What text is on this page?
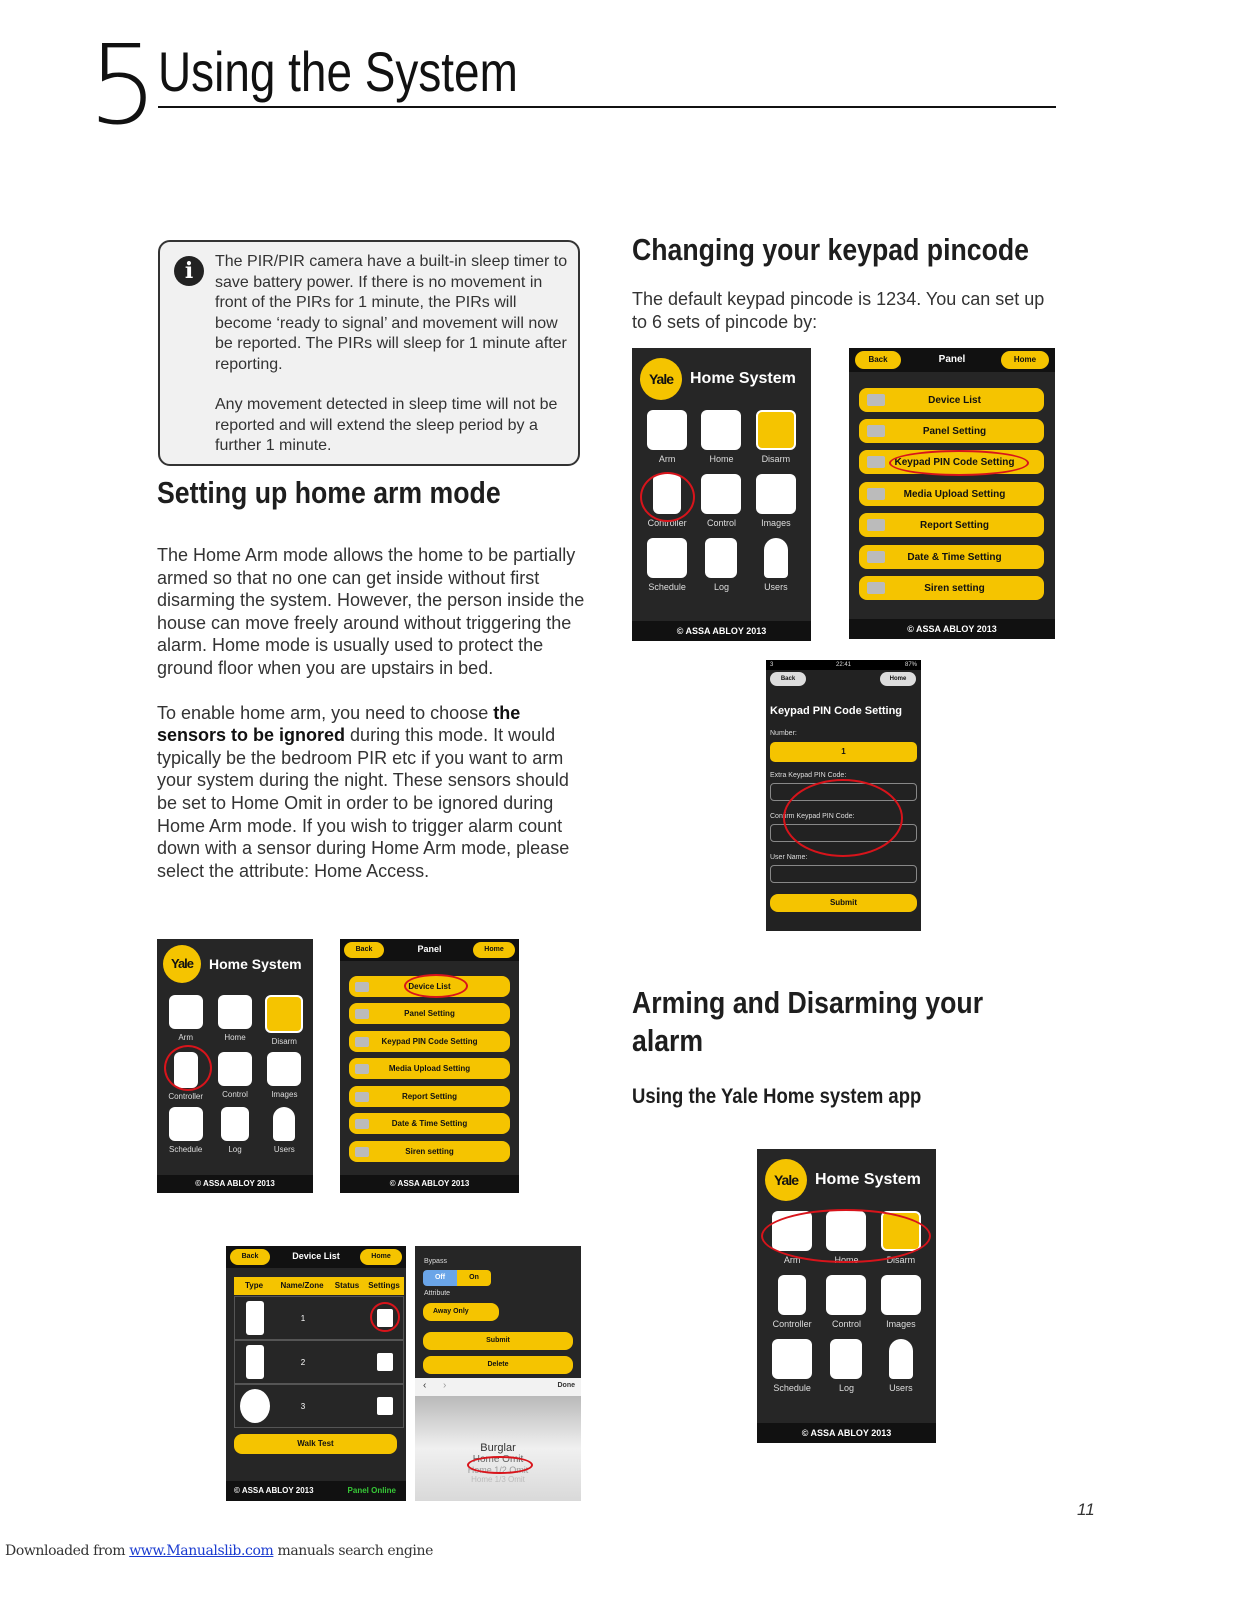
5 Using the System
i	The PIR/PIR camera have a built-in sleep timer to save battery power. If there is no movement in front of the PIRs for 1 minute, the PIRs will become ‘ready to signal’ and movement will now be reported. The PIRs will sleep for 1 minute after reporting.

Any movement detected in sleep time will not be reported and will extend the sleep period by a further 1 minute.

Setting up home arm mode

The Home Arm mode allows the home to be partially armed so that no one can get inside without first disarming the system. However, the person inside the house can move freely around without triggering the alarm. Home mode is usually used to protect the ground floor when you are upstairs in bed.

To enable home arm, you need to choose the sensors to be ignored during this mode. It would typically be the bedroom PIR etc if you want to arm your system during the night. These sensors should be set to Home Omit in order to be ignored during Home Arm mode. If you wish to trigger alarm count down with a sensor during Home Arm mode, please select the attribute: Home Access.

Changing your keypad pincode
The default keypad pincode is 1234. You can set up to 6 sets of pincode by:
Arming and Disarming your
alarm
Using the Yale Home system app
Yale	Home System
Arm	Home	Disarm
Controller Control	Images
Schedule	Log	Users
© ASSA ABLOY 2013
Back	Panel	Home
Device List
Panel Setting
Keypad PIN Code Setting
Media Upload Setting
Report Setting
Date & Time Setting
Siren setting
© ASSA ABLOY 2013
3	22:41	87%
Back	Home
Keypad PIN Code Setting
Number:
1
Extra Keypad PIN Code:
Confirm Keypad PIN Code:
User Name:
Submit
Yale	Home System
Arm	Home	Disarm
Controller Control	Images
Schedule	Log	Users
© ASSA ABLOY 2013
Back	Panel	Home
Device List
Panel Setting
Keypad PIN Code Setting
Media Upload Setting
Report Setting
Date & Time Setting
Siren setting
© ASSA ABLOY 2013
Back	Device List	Home
Type	Name/Zone	Status	Settings
1
2
3
Walk Test
© ASSA ABLOY 2013	Panel Online
Bypass
Off	On
Attribute
Away Only
Submit
Delete
‹ ›	Done
Burglar
Home Omit
Home 1/2 Omit
Home 1/3 Omit
Yale	Home System
Arm	Home	Disarm
Controller Control	Images
Schedule	Log	Users
© ASSA ABLOY 2013
11
Downloaded from www.Manualslib.com manuals search engine
